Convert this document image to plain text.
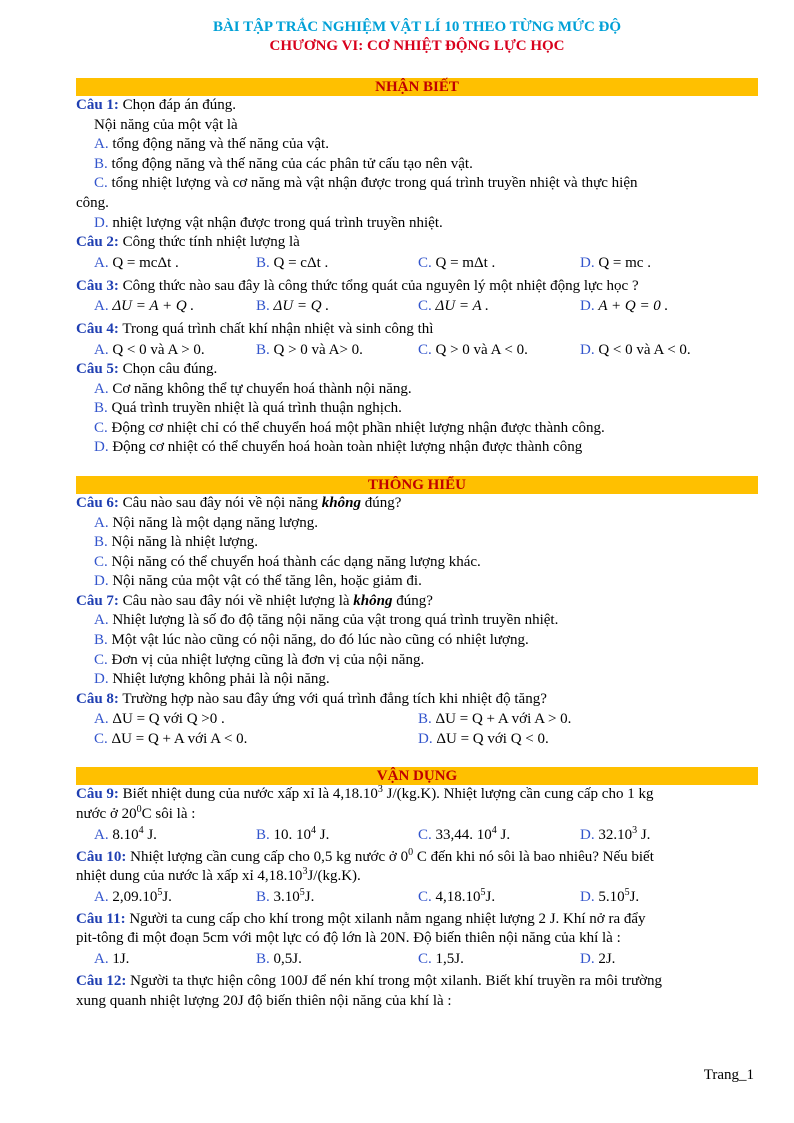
BÀI TẬP TRẮC NGHIỆM VẬT LÍ 10 THEO TỪNG MỨC ĐỘ
CHƯƠNG VI: CƠ NHIỆT ĐỘNG LỰC HỌC
NHẬN BIẾT
Câu 1: Chọn đáp án đúng.
Nội năng của một vật là
A. tổng động năng và thế năng của vật.
B. tổng động năng và thế năng của các phân tử cấu tạo nên vật.
C. tổng nhiệt lượng và cơ năng mà vật nhận được trong quá trình truyền nhiệt và thực hiện
công.
D. nhiệt lượng vật nhận được trong quá trình truyền nhiệt.
Câu 2: Công thức tính nhiệt lượng là
A. Q = mcΔt .	B. Q = cΔt .	C. Q = mΔt .	D. Q = mc .
Câu 3: Công thức nào sau đây là công thức tổng quát của nguyên lý một nhiệt động lực học ?
A. ΔU = A + Q .	B. ΔU = Q .	C. ΔU = A .	D. A + Q = 0 .
Câu 4: Trong quá trình chất khí nhận nhiệt và sinh công thì
A. Q < 0 và A > 0.	B. Q > 0 và A> 0.	C. Q > 0 và A < 0.	D. Q < 0 và A < 0.
Câu 5: Chọn câu đúng.
A. Cơ năng không thể tự chuyển hoá thành nội năng.
B. Quá trình truyền nhiệt là quá trình thuận nghịch.
C. Động cơ nhiệt chỉ có thể chuyển hoá một phần nhiệt lượng nhận được thành công.
D. Động cơ nhiệt có thể chuyển hoá hoàn toàn nhiệt lượng nhận được thành công
THÔNG HIỂU
Câu 6: Câu nào sau đây nói về nội năng không đúng?
A. Nội năng là một dạng năng lượng.
B. Nội năng là nhiệt lượng.
C. Nội năng có thể chuyển hoá thành các dạng năng lượng khác.
D. Nội năng của một vật có thể tăng lên, hoặc giảm đi.
Câu 7: Câu nào sau đây nói về nhiệt lượng là không đúng?
A. Nhiệt lượng là số đo độ tăng nội năng của vật trong quá trình truyền nhiệt.
B. Một vật lúc nào cũng có nội năng, do đó lúc nào cũng có nhiệt lượng.
C. Đơn vị của nhiệt lượng cũng là đơn vị của nội năng.
D. Nhiệt lượng không phải là nội năng.
Câu 8: Trường hợp nào sau đây ứng với quá trình đẳng tích khi nhiệt độ tăng?
A. ΔU = Q với Q >0 .	B. ΔU = Q + A với A > 0.
C. ΔU = Q + A với A < 0.	D. ΔU = Q với Q < 0.
VẬN DỤNG
Câu 9: Biết nhiệt dung của nước xấp xỉ là 4,18.10$^3$ J/(kg.K). Nhiệt lượng cần cung cấp cho 1 kg
nước ở $20^0C$ sôi là :
A. 8.10$^4$ J.	B. 10. $10^4$ J.	C. 33,44. $10^4$ J.	D. 32.10$^3$ J.
Câu 10: Nhiệt lượng cần cung cấp cho 0,5 kg nước ở $0^0$ C đến khi nó sôi là bao nhiêu? Nếu biết
nhiệt dung của nước là xấp xỉ 4,18.10$^3$J/(kg.K).
A. 2,09.10$^5$J.	B. 3.10$^5$J.	C. 4,18.10$^5$J.	D. 5.10$^5$J.
Câu 11: Người ta cung cấp cho khí trong một xilanh nằm ngang nhiệt lượng 2 J. Khí nở ra đẩy
pit-tông đi một đoạn 5cm với một lực có độ lớn là 20N. Độ biến thiên nội năng của khí là :
A. 1J.	B. 0,5J.	C. 1,5J.	D. 2J.
Câu 12: Người ta thực hiện công 100J để nén khí trong một xilanh. Biết khí truyền ra môi trường
xung quanh nhiệt lượng 20J độ biến thiên nội năng của khí là :
Trang_1
